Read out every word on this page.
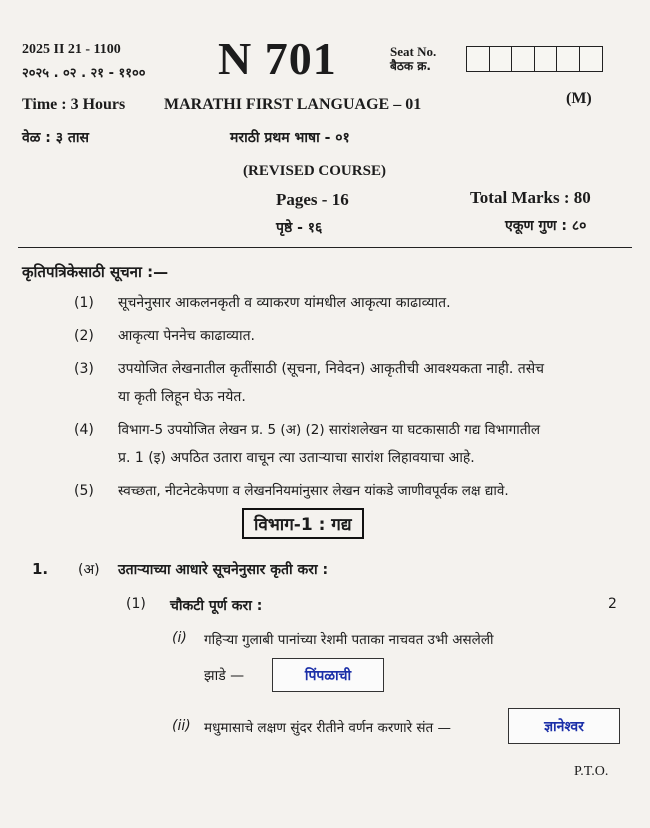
2025 II 21 - 1100
२०२५ . ०२ . २१ - ११०० N 701	Seat No.
बैठक क्र.
Time : 3 Hours MARATHI FIRST LANGUAGE – 01	(M)
वेळ : ३ तास	मराठी प्रथम भाषा - ०१
(REVISED COURSE)
Pages - 16	Total Marks : 80
पृष्ठे - १६	एकूण गुण : ८०
कृतिपत्रिकेसाठी सूचना :—
(1)	सूचनेनुसार आकलनकृती व व्याकरण यांमधील आकृत्या काढाव्यात.
(2)	आकृत्या पेननेच काढाव्यात.
(3)	उपयोजित लेखनातील कृतींसाठी (सूचना, निवेदन) आकृतीची आवश्यकता नाही. तसेच
या कृती लिहून घेऊ नयेत.
(4)	विभाग-5 उपयोजित लेखन प्र. 5 (अ) (2) सारांशलेखन या घटकासाठी गद्य विभागातील
प्र. 1 (इ) अपठित उतारा वाचून त्या उताऱ्याचा सारांश लिहावयाचा आहे.
(5)	स्वच्छता, नीटनेटकेपणा व लेखननियमांनुसार लेखन यांकडे जाणीवपूर्वक लक्ष द्यावे.
विभाग-1 : गद्य
1. (अ) उताऱ्याच्या आधारे सूचनेनुसार कृती करा :
(1) चौकटी पूर्ण करा :	2
(i) गहिऱ्या गुलाबी पानांच्या रेशमी पताका नाचवत उभी असलेली
झाडे —	पिंपळाची
(ii) मधुमासाचे लक्षण सुंदर रीतीने वर्णन करणारे संत —	ज्ञानेश्वर
P.T.O.
